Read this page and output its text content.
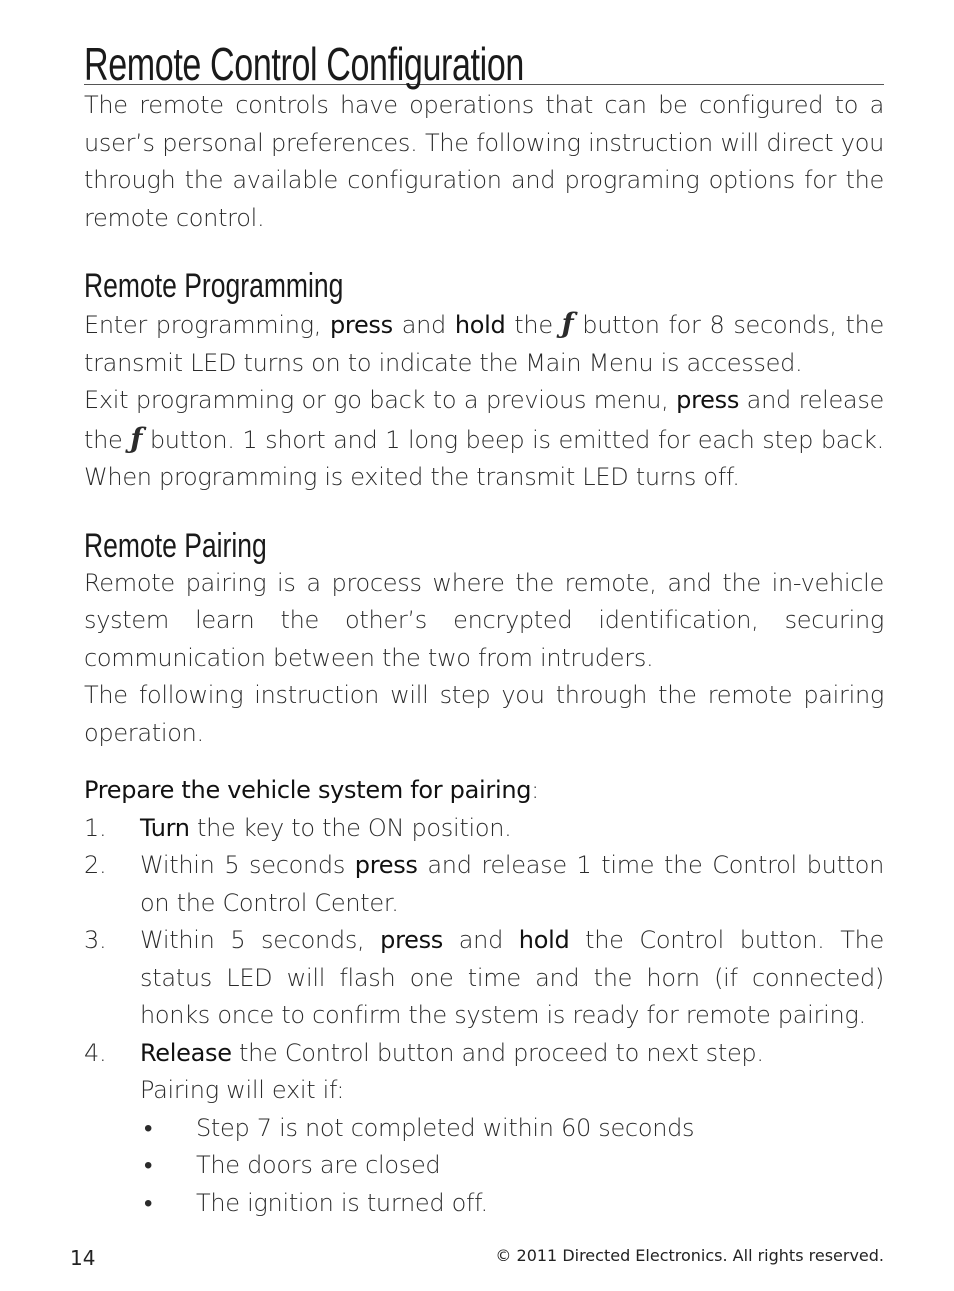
Remote Control Configuration

The remote controls have operations that can be configured to a user’s personal preferences. The following instruction will direct you through the available configuration and programing options for the remote control.

Remote Programming

Enter programming, press and hold the ƒ button for 8 seconds, the transmit LED turns on to indicate the Main Menu is accessed.

Exit programming or go back to a previous menu, press and release the ƒ button. 1 short and 1 long beep is emitted for each step back. When programming is exited the transmit LED turns off.

Remote Pairing

Remote pairing is a process where the remote, and the in-vehicle system learn the other’s encrypted identification, securing communication between the two from intruders.

The following instruction will step you through the remote pairing operation.

Prepare the vehicle system for pairing:

1. Turn the key to the ON position.
2. Within 5 seconds press and release 1 time the Control button on the Control Center.
3. Within 5 seconds, press and hold the Control button. The status LED will flash one time and the horn (if connected) honks once to confirm the system is ready for remote pairing.
4. Release the Control button and proceed to next step.
Pairing will exit if:
• Step 7 is not completed within 60 seconds
• The doors are closed
• The ignition is turned off.
14	© 2011 Directed Electronics. All rights reserved.
